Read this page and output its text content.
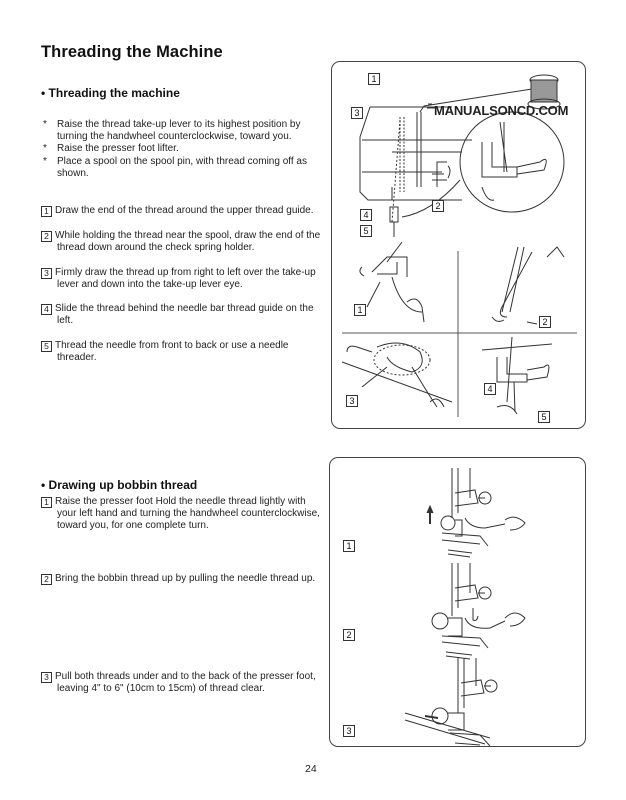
Threading the Machine
• Threading the machine
* Raise the thread take-up lever to its highest position by turning the handwheel counterclockwise, toward you.
* Raise the presser foot lifter.
* Place a spool on the spool pin, with thread coming off as shown.
1 Draw the end of the thread around the upper thread guide.
2 While holding the thread near the spool, draw the end of the
thread down around the check spring holder.
3 Firmly draw the thread up from right to left over the take-up
lever and down into the take-up lever eye.
4 Slide the thread behind the needle bar thread guide on the
left.
5 Thread the needle from front to back or use a needle
threader.
1
3
2
4
5
1
2
3
4
5
MANUALSONCD.COM
• Drawing up bobbin thread
1 Raise the presser foot Hold the needle thread lightly with
your left hand and turning the handwheel counterclockwise, toward you, for one complete turn.
2 Bring the bobbin thread up by pulling the needle thread up.
3 Pull both threads under and to the back of the presser foot,
leaving 4" to 6" (10cm to 15cm) of thread clear.
1
2
3
24
